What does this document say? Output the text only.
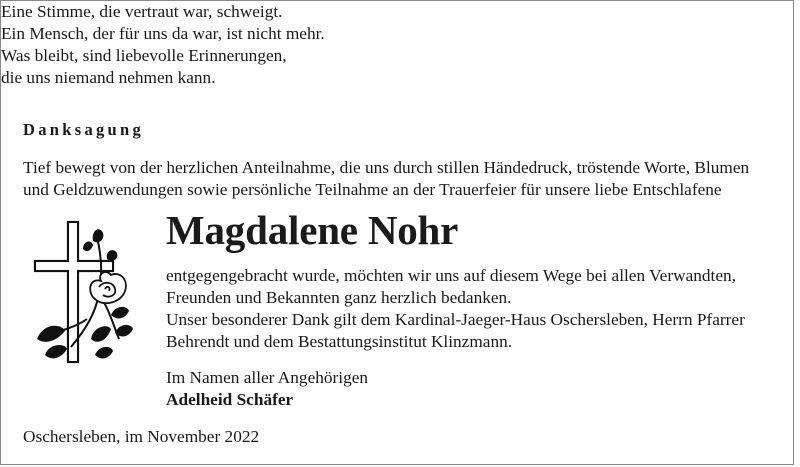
Eine Stimme, die vertraut war, schweigt.
Ein Mensch, der für uns da war, ist nicht mehr.
Was bleibt, sind liebevolle Erinnerungen,
die uns niemand nehmen kann.
Danksagung
Tief bewegt von der herzlichen Anteilnahme, die uns durch stillen Händedruck, tröstende Worte, Blumen
und Geldzuwendungen sowie persönliche Teilnahme an der Trauerfeier für unsere liebe Entschlafene
Magdalene Nohr
entgegengebracht wurde, möchten wir uns auf diesem Wege bei allen Verwandten,
Freunden und Bekannten ganz herzlich bedanken.
Unser besonderer Dank gilt dem Kardinal-Jaeger-Haus Oschersleben, Herrn Pfarrer
Behrendt und dem Bestattungsinstitut Klinzmann.
Im Namen aller Angehörigen
Adelheid Schäfer
Oschersleben, im November 2022
